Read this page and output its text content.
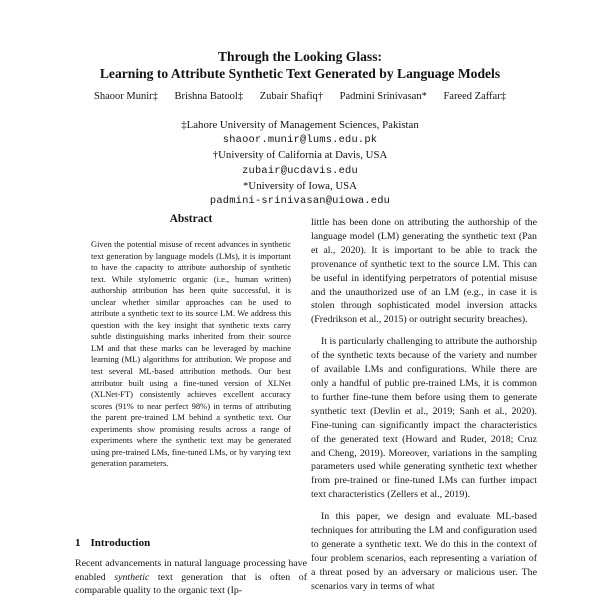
Through the Looking Glass:
Learning to Attribute Synthetic Text Generated by Language Models
Shaoor Munir‡ Brishna Batool‡ Zubair Shafiq† Padmini Srinivasan* Fareed Zaffar‡
‡Lahore University of Management Sciences, Pakistan
shaoor.munir@lums.edu.pk
†University of California at Davis, USA
zubair@ucdavis.edu
*University of Iowa, USA
padmini-srinivasan@uiowa.edu
Abstract

Given the potential misuse of recent advances in synthetic text generation by language models (LMs), it is important to have the capacity to attribute authorship of synthetic text. While stylometric organic (i.e., human written) authorship attribution has been quite successful, it is unclear whether similar approaches can be used to attribute a synthetic text to its source LM. We address this question with the key insight that synthetic texts carry subtle distinguishing marks inherited from their source LM and that these marks can be leveraged by machine learning (ML) algorithms for attribution. We propose and test several ML-based attribution methods. Our best attributor built using a fine-tuned version of XLNet (XLNet-FT) consistently achieves excellent accuracy scores (91% to near perfect 98%) in terms of attributing the parent pre-trained LM behind a synthetic text. Our experiments show promising results across a range of experiments where the synthetic text may be generated using pre-trained LMs, fine-tuned LMs, or by varying text generation parameters.

1 Introduction

Recent advancements in natural language processing have enabled synthetic text generation that is often of comparable quality to the organic text (Ip-

little has been done on attributing the authorship of the language model (LM) generating the synthetic text (Pan et al., 2020). It is important to be able to track the provenance of synthetic text to the source LM. This can be useful in identifying perpetrators of potential misuse and the unauthorized use of an LM (e.g., in case it is stolen through sophisticated model inversion attacks (Fredrikson et al., 2015) or outright security breaches).

It is particularly challenging to attribute the authorship of the synthetic texts because of the variety and number of available LMs and configurations. While there are only a handful of public pre-trained LMs, it is common to further fine-tune them before using them to generate synthetic text (Devlin et al., 2019; Sanh et al., 2020). Fine-tuning can significantly impact the characteristics of the generated text (Howard and Ruder, 2018; Cruz and Cheng, 2019). Moreover, variations in the sampling parameters used while generating synthetic text whether from pre-trained or fine-tuned LMs can further impact text characteristics (Zellers et al., 2019).

In this paper, we design and evaluate ML-based techniques for attributing the LM and configuration used to generate a synthetic text. We do this in the context of four problem scenarios, each representing a variation of a threat posed by an adversary or malicious user. The scenarios vary in terms of what
